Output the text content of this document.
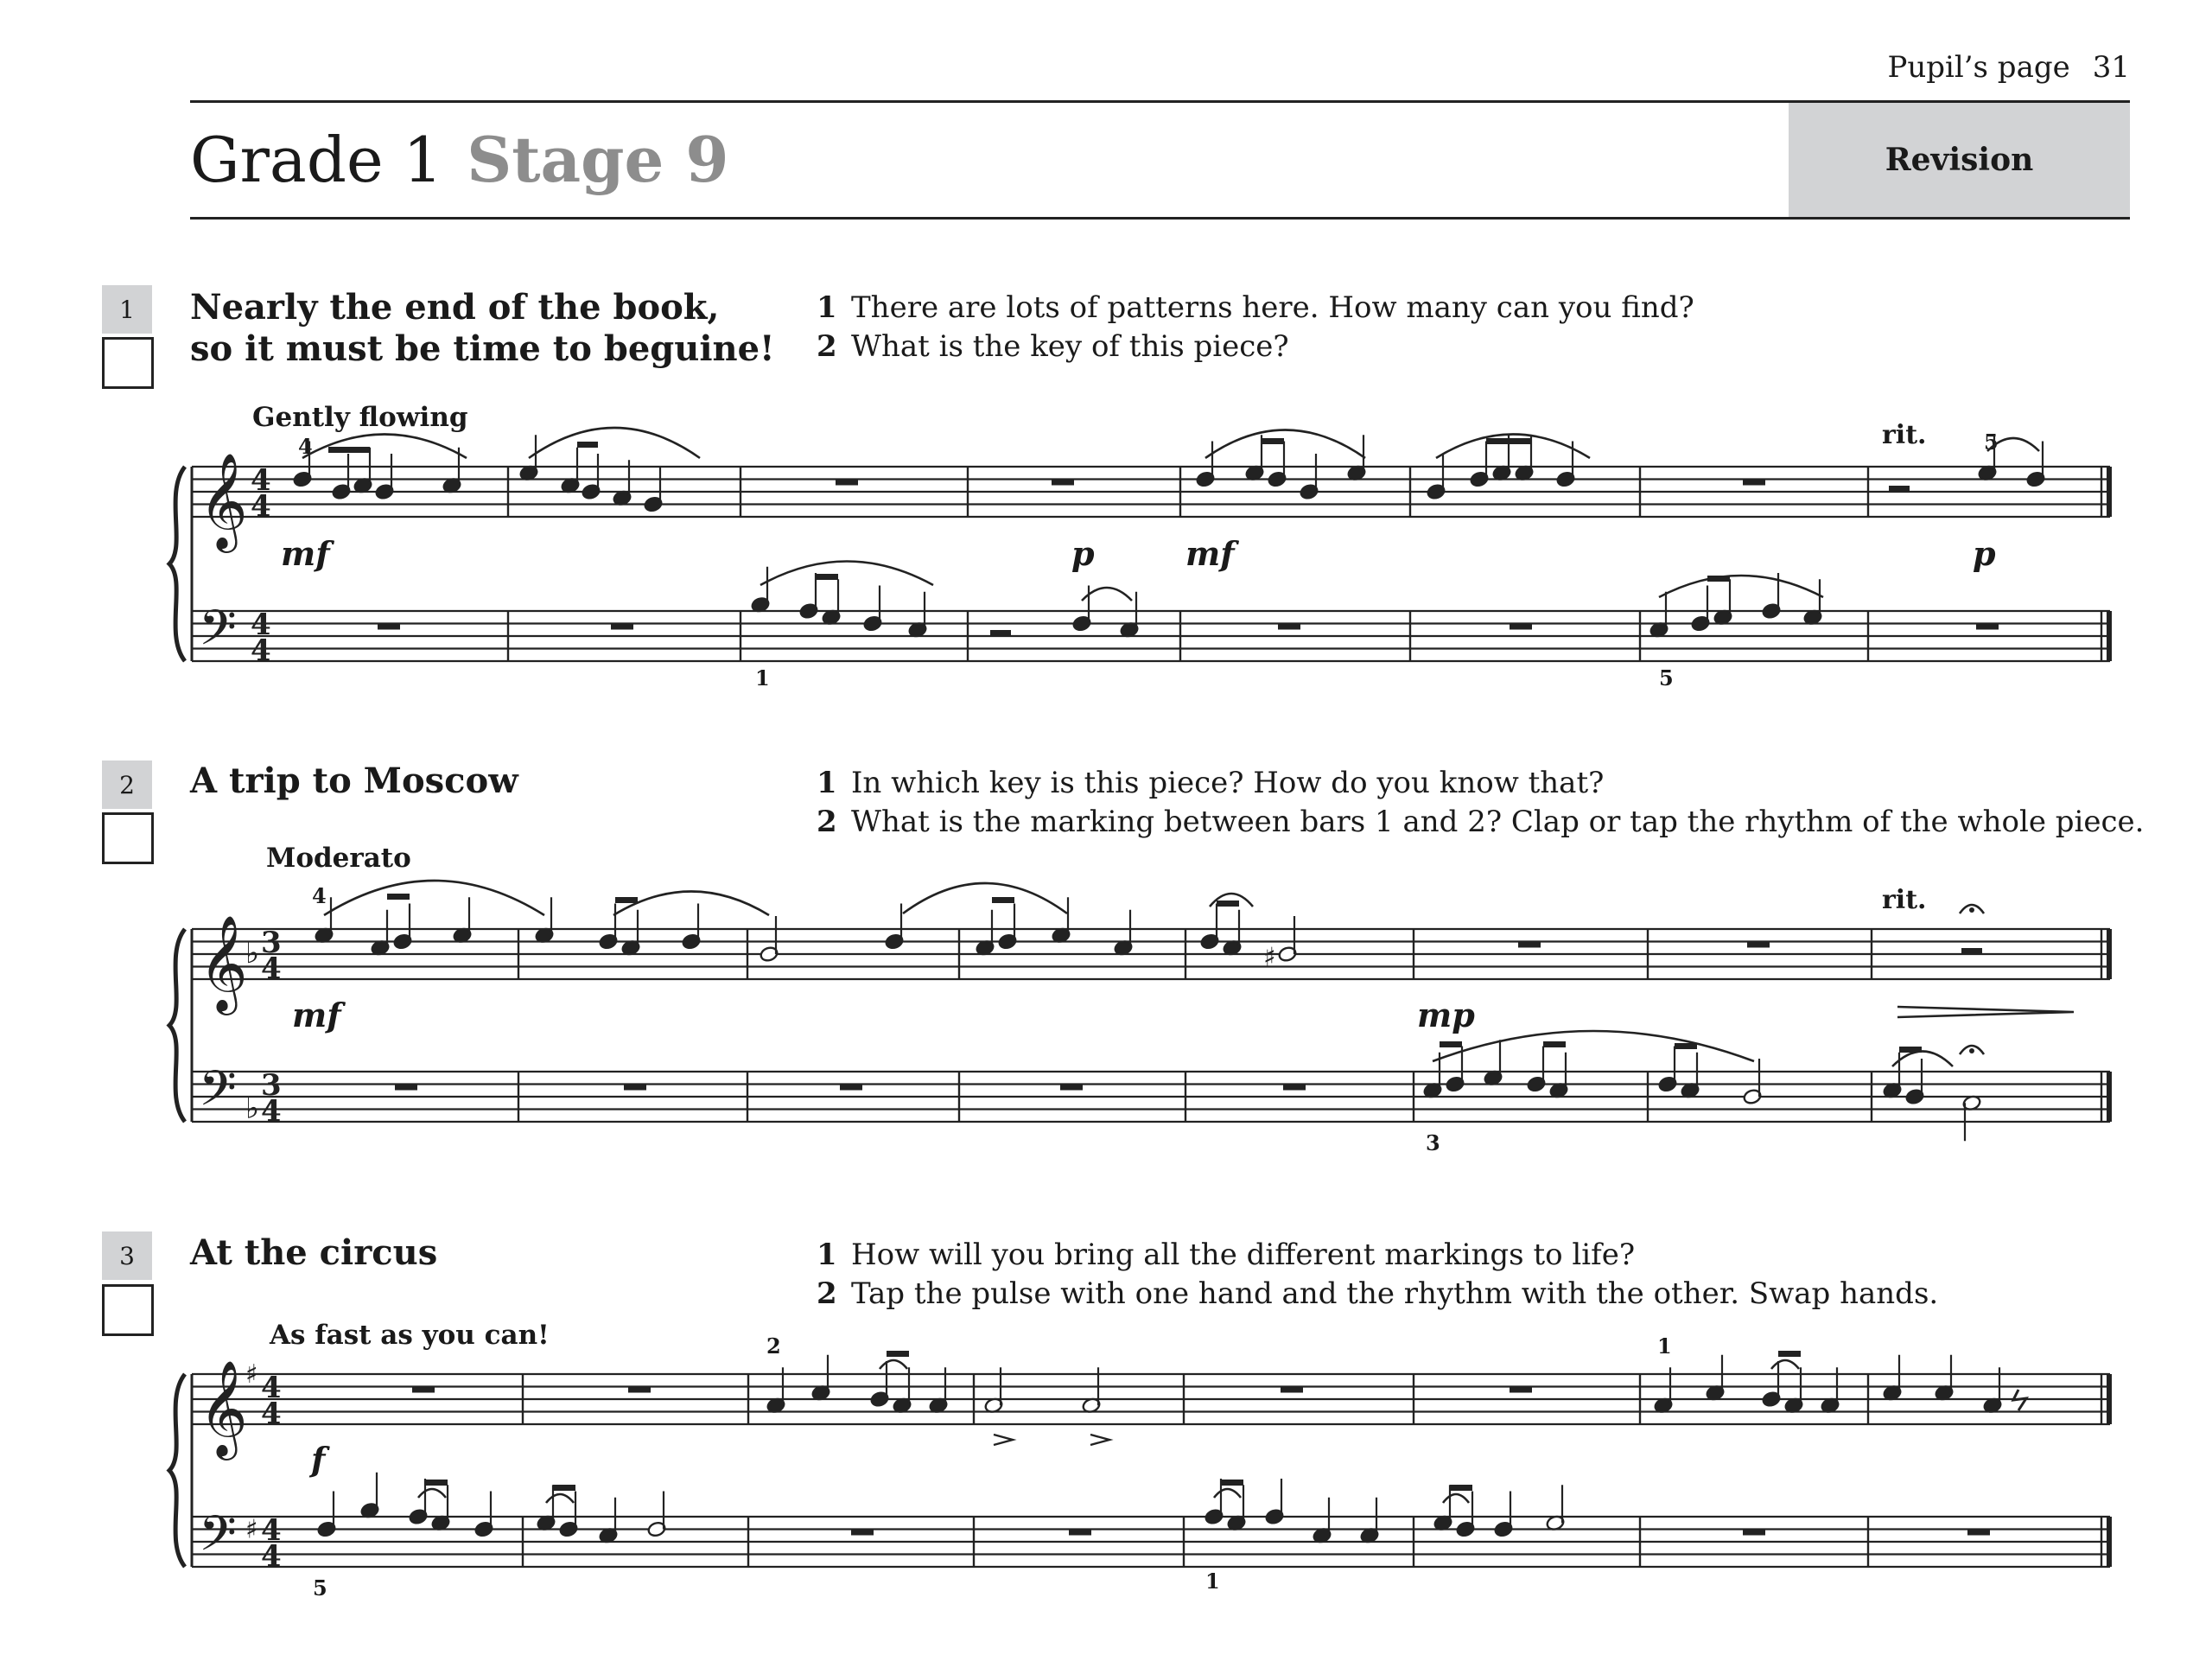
Pupil’s page 31
Grade 1 Stage 9	Revision
1	Nearly the end of the book,
so it must be time to beguine!
1 There are lots of patterns here. How many can you find?
2 What is the key of this piece?
Gently flowing
rit.
mf	p	mf	p
4
1	5
5
2	A trip to Moscow	1 In which key is this piece? How do you know that?
2 What is the marking between bars 1 and 2? Clap or tap the rhythm of the whole piece.
Moderato
rit.
mf	mp
4
3
3	At the circus	1 How will you bring all the different markings to life?
2 Tap the pulse with one hand and the rhythm with the other. Swap hands.
As fast as you can!
f
2	1
5	1
𝄞
𝄢
4
4
4
4
𝄞
𝄢
♭
♭
3
4
3
4
♯
𝄞
𝄢
♯
♯
4
4
4
4
